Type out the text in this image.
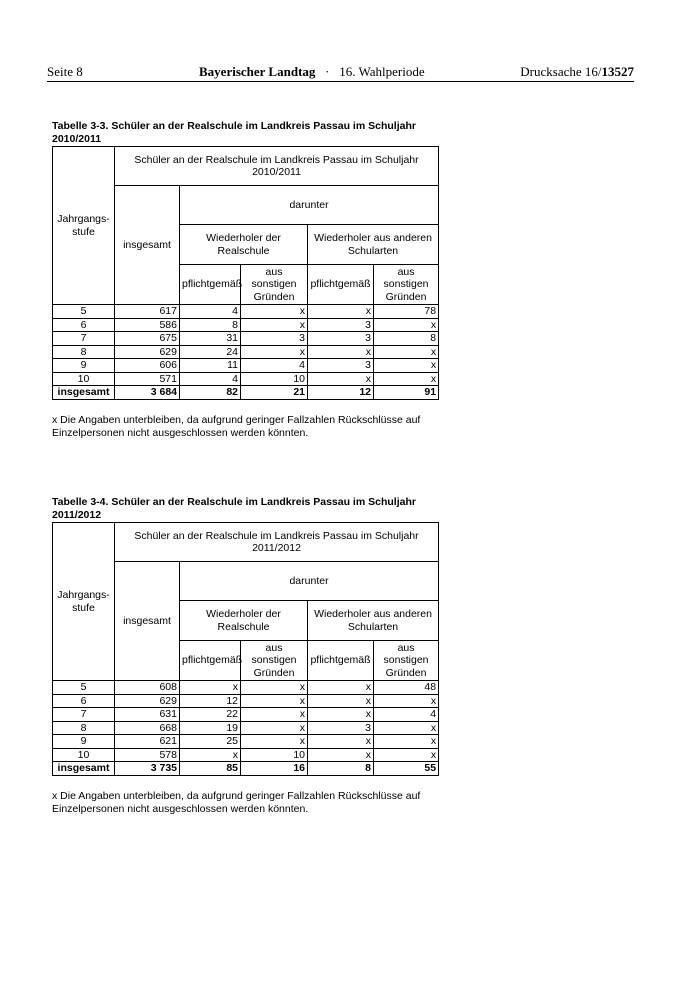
Seite 8	Bayerischer Landtag · 16. Wahlperiode	Drucksache 16/13527
Tabelle 3-3. Schüler an der Realschule im Landkreis Passau im Schuljahr 2010/2011
Jahrgangs-stufe	Schüler an der Realschule im Landkreis Passau im Schuljahr 2010/2011				
	insgesamt	darunter			
		Wiederholer der Realschule		Wiederholer aus anderen Schularten	
		pflichtgemäß	aus sonstigen Gründen	pflichtgemäß	aus sonstigen Gründen
5	617	4	x	x	78
6	586	8	x	3	x
7	675	31	3	3	8
8	629	24	x	x	x
9	606	11	4	3	x
10	571	4	10	x	x
insgesamt	3 684	82	21	12	91
x Die Angaben unterbleiben, da aufgrund geringer Fallzahlen Rückschlüsse auf Einzelpersonen nicht ausgeschlossen werden könnten.
Tabelle 3-4. Schüler an der Realschule im Landkreis Passau im Schuljahr 2011/2012
Jahrgangs-stufe	Schüler an der Realschule im Landkreis Passau im Schuljahr 2011/2012				
	insgesamt	darunter			
		Wiederholer der Realschule		Wiederholer aus anderen Schularten	
		pflichtgemäß	aus sonstigen Gründen	pflichtgemäß	aus sonstigen Gründen
5	608	x	x	x	48
6	629	12	x	x	x
7	631	22	x	x	4
8	668	19	x	3	x
9	621	25	x	x	x
10	578	x	10	x	x
insgesamt	3 735	85	16	8	55
x Die Angaben unterbleiben, da aufgrund geringer Fallzahlen Rückschlüsse auf Einzelpersonen nicht ausgeschlossen werden könnten.
